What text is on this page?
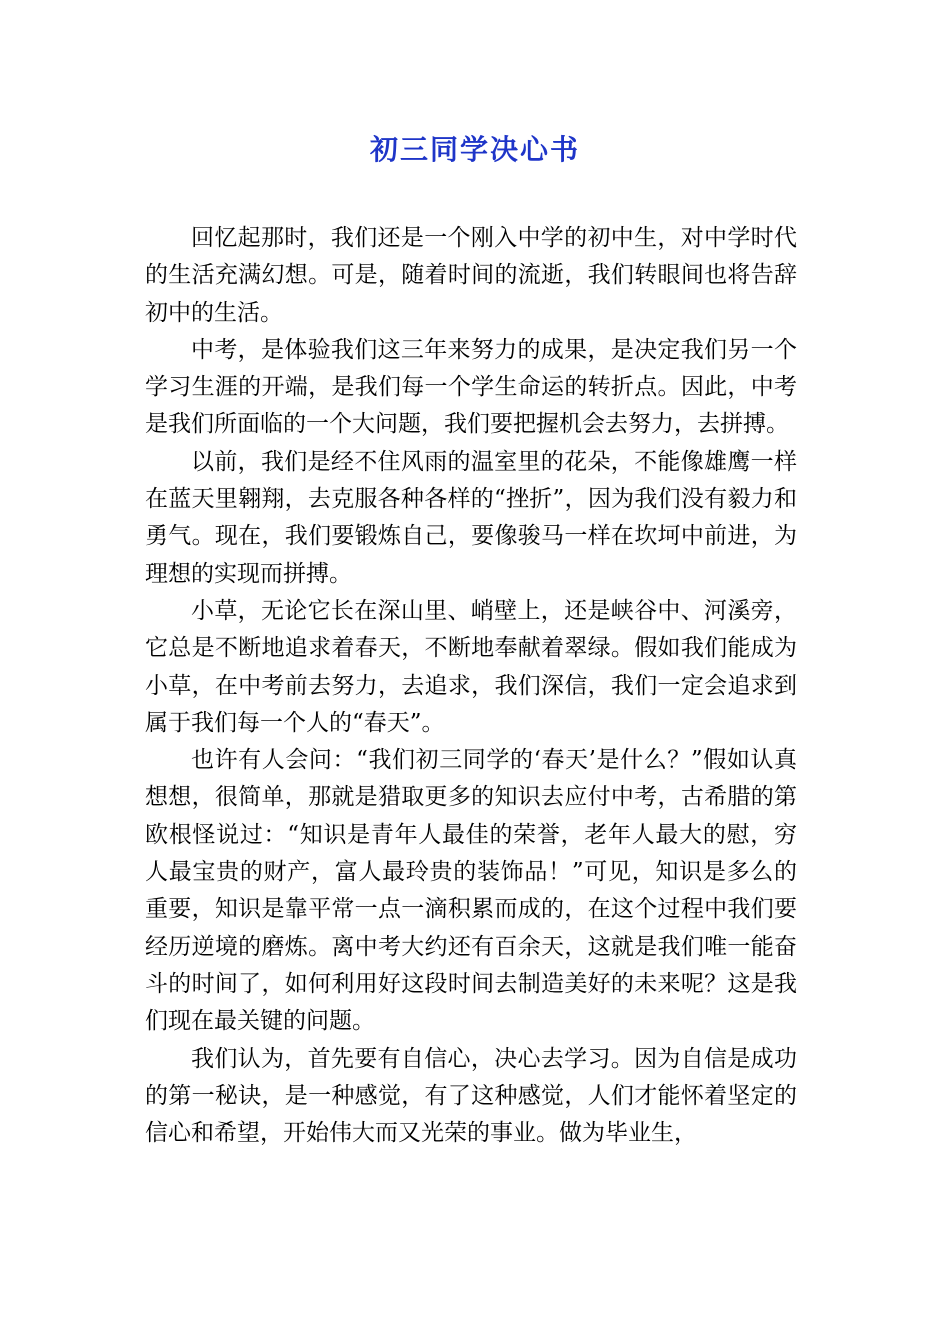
初三同学决心书

回忆起那时，我们还是一个刚入中学的初中生，对中学时代的生活充满幻想。可是，随着时间的流逝，我们转眼间也将告辞初中的生活。

中考，是体验我们这三年来努力的成果，是决定我们另一个学习生涯的开端，是我们每一个学生命运的转折点。因此，中考是我们所面临的一个大问题，我们要把握机会去努力，去拼搏。

以前，我们是经不住风雨的温室里的花朵，不能像雄鹰一样在蓝天里翱翔，去克服各种各样的“挫折”，因为我们没有毅力和勇气。现在，我们要锻炼自己，要像骏马一样在坎坷中前进，为理想的实现而拼搏。

小草，无论它长在深山里、峭壁上，还是峡谷中、河溪旁，它总是不断地追求着春天，不断地奉献着翠绿。假如我们能成为小草，在中考前去努力，去追求，我们深信，我们一定会追求到属于我们每一个人的“春天”。

也许有人会问：“我们初三同学的‘春天’是什么？”假如认真想想，很简单，那就是猎取更多的知识去应付中考，古希腊的第欧根怪说过：“知识是青年人最佳的荣誉，老年人最大的慰，穷人最宝贵的财产，富人最玲贵的装饰品！”可见，知识是多么的重要，知识是靠平常一点一滴积累而成的，在这个过程中我们要经历逆境的磨炼。离中考大约还有百余天，这就是我们唯一能奋斗的时间了，如何利用好这段时间去制造美好的未来呢？这是我们现在最关键的问题。

我们认为，首先要有自信心，决心去学习。因为自信是成功的第一秘诀，是一种感觉，有了这种感觉，人们才能怀着坚定的信心和希望，开始伟大而又光荣的事业。做为毕业生，
